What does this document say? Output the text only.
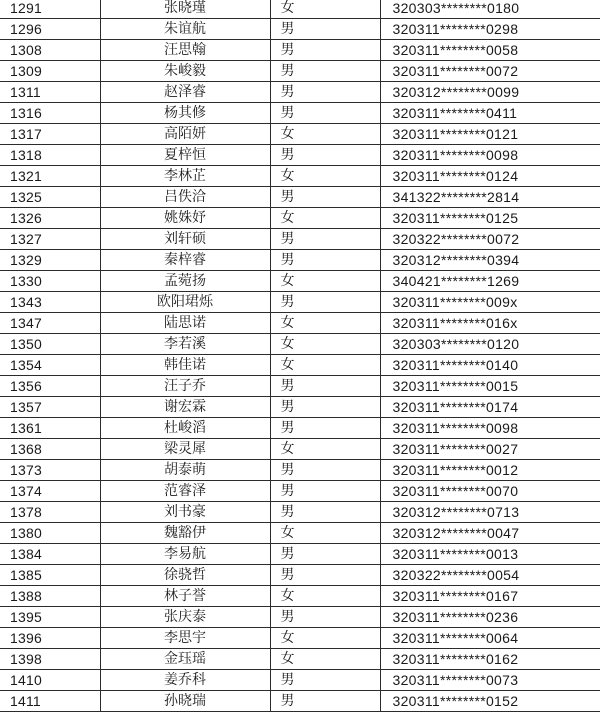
1291	张晓瑾	女	320303********0180
1296	朱谊航	男	320311********0298
1308	汪思翰	男	320311********0058
1309	朱峻毅	男	320311********0072
1311	赵泽睿	男	320312********0099
1316	杨其修	男	320311********0411
1317	高陌妍	女	320311********0121
1318	夏梓恒	男	320311********0098
1321	李林芷	女	320311********0124
1325	吕佚洽	男	341322********2814
1326	姚姝妤	女	320311********0125
1327	刘轩硕	男	320322********0072
1329	秦梓睿	男	320312********0394
1330	孟菀扬	女	340421********1269
1343	欧阳珺烁	男	320311********009x
1347	陆思诺	女	320311********016x
1350	李若溪	女	320303********0120
1354	韩佳诺	女	320311********0140
1356	汪子乔	男	320311********0015
1357	谢宏霖	男	320311********0174
1361	杜峻滔	男	320311********0098
1368	梁灵犀	女	320311********0027
1373	胡泰萌	男	320311********0012
1374	范睿泽	男	320311********0070
1378	刘书豪	男	320312********0713
1380	魏豁伊	女	320312********0047
1384	李易航	男	320311********0013
1385	徐骁哲	男	320322********0054
1388	林子誉	女	320311********0167
1395	张庆泰	男	320311********0236
1396	李思宇	女	320311********0064
1398	金珏瑶	女	320311********0162
1410	姜乔科	男	320311********0073
1411	孙晓瑞	男	320311********0152
